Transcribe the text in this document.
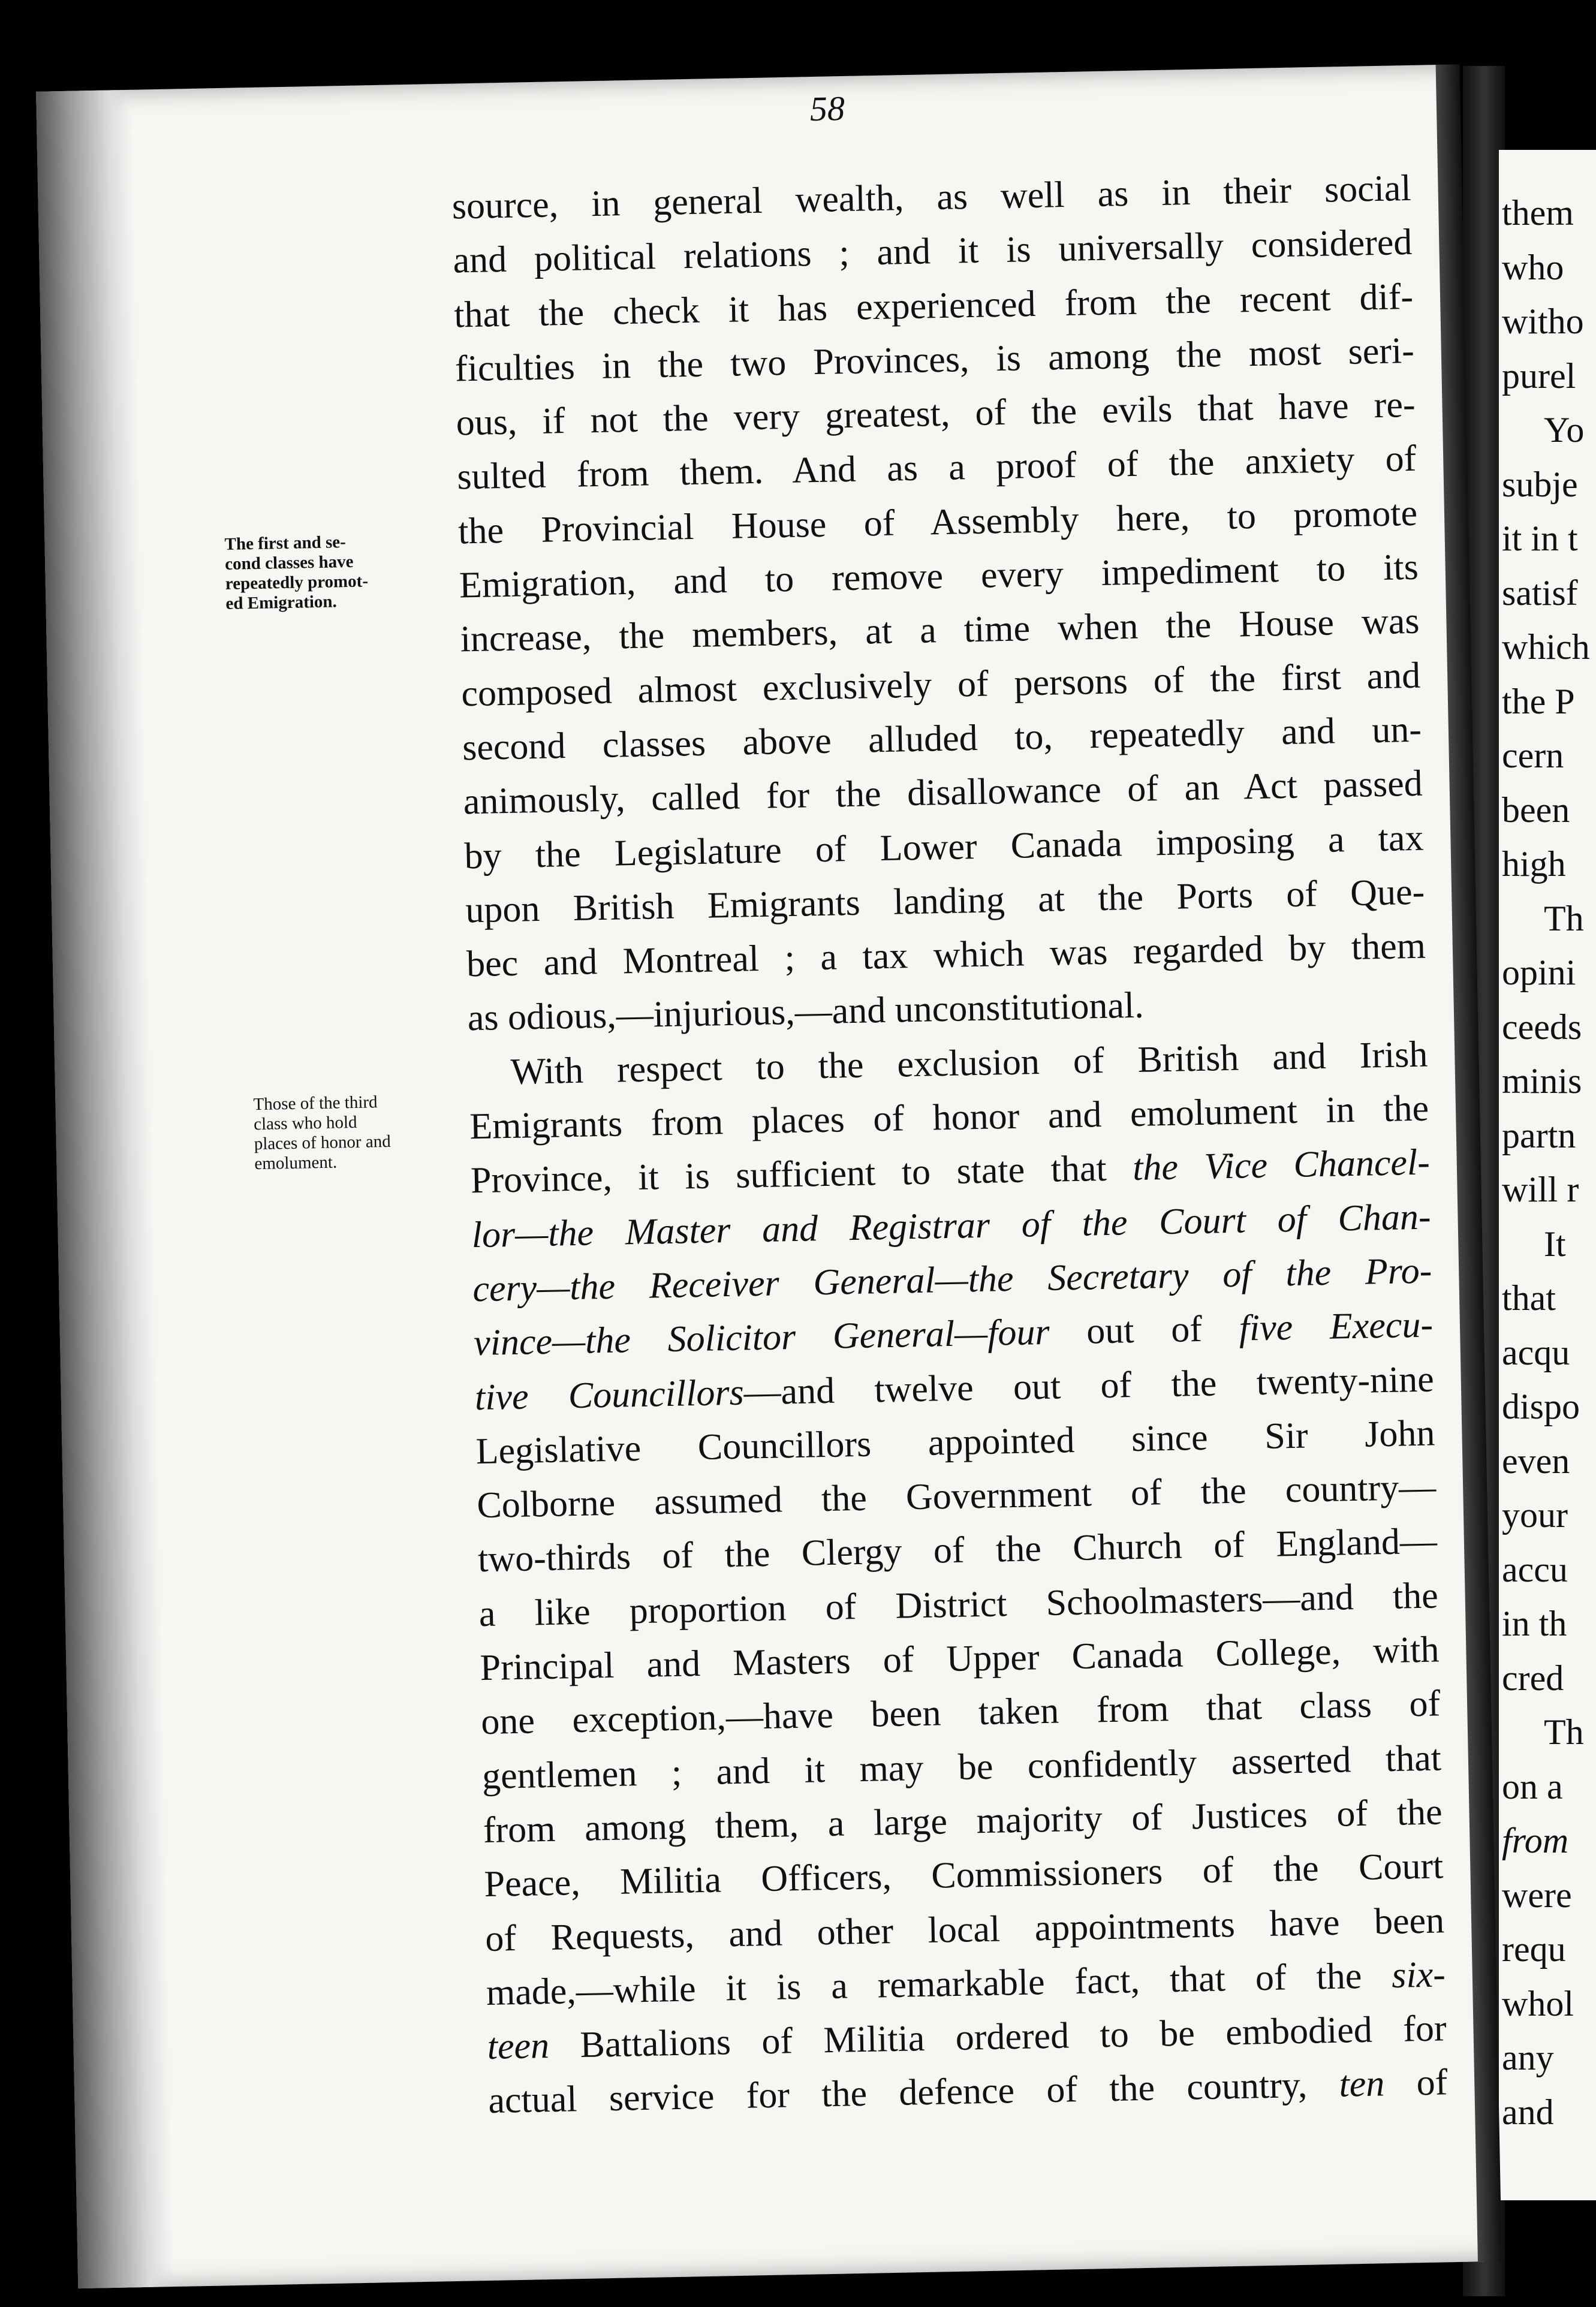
them
who
witho
purel
Yo
subje
it in t
satisf
which
the P
cern
been
high
Th
opini
ceeds
minis
partn
will r
It
that
acqu
dispo
even
your
accu
in th
cred
Th
on a
from
were
requ
whol
any
and
58
The first and se-
cond classes have
repeatedly promot-
ed Emigration.
Those of the third
class who hold
places of honor and
emolument.
source, in general wealth, as well as in their social
and political relations ; and it is universally considered
that the check it has experienced from the recent dif-
ficulties in the two Provinces, is among the most seri-
ous, if not the very greatest, of the evils that have re-
sulted from them. And as a proof of the anxiety of
the Provincial House of Assembly here, to promote
Emigration, and to remove every impediment to its
increase, the members, at a time when the House was
composed almost exclusively of persons of the first and
second classes above alluded to, repeatedly and un-
animously, called for the disallowance of an Act passed
by the Legislature of Lower Canada imposing a tax
upon British Emigrants landing at the Ports of Que-
bec and Montreal ; a tax which was regarded by them
as odious,—injurious,—and unconstitutional.
With respect to the exclusion of British and Irish
Emigrants from places of honor and emolument in the
Province, it is sufficient to state that the Vice Chancel-
lor—the Master and Registrar of the Court of Chan-
cery—the Receiver General—the Secretary of the Pro-
vince—the Solicitor General—four out of five Execu-
tive Councillors—and twelve out of the twenty-nine
Legislative Councillors appointed since Sir John
Colborne assumed the Government of the country—
two-thirds of the Clergy of the Church of England—
a like proportion of District Schoolmasters—and the
Principal and Masters of Upper Canada College, with
one exception,—have been taken from that class of
gentlemen ; and it may be confidently asserted that
from among them, a large majority of Justices of the
Peace, Militia Officers, Commissioners of the Court
of Requests, and other local appointments have been
made,—while it is a remarkable fact, that of the six-
teen Battalions of Militia ordered to be embodied for
actual service for the defence of the country, ten of
